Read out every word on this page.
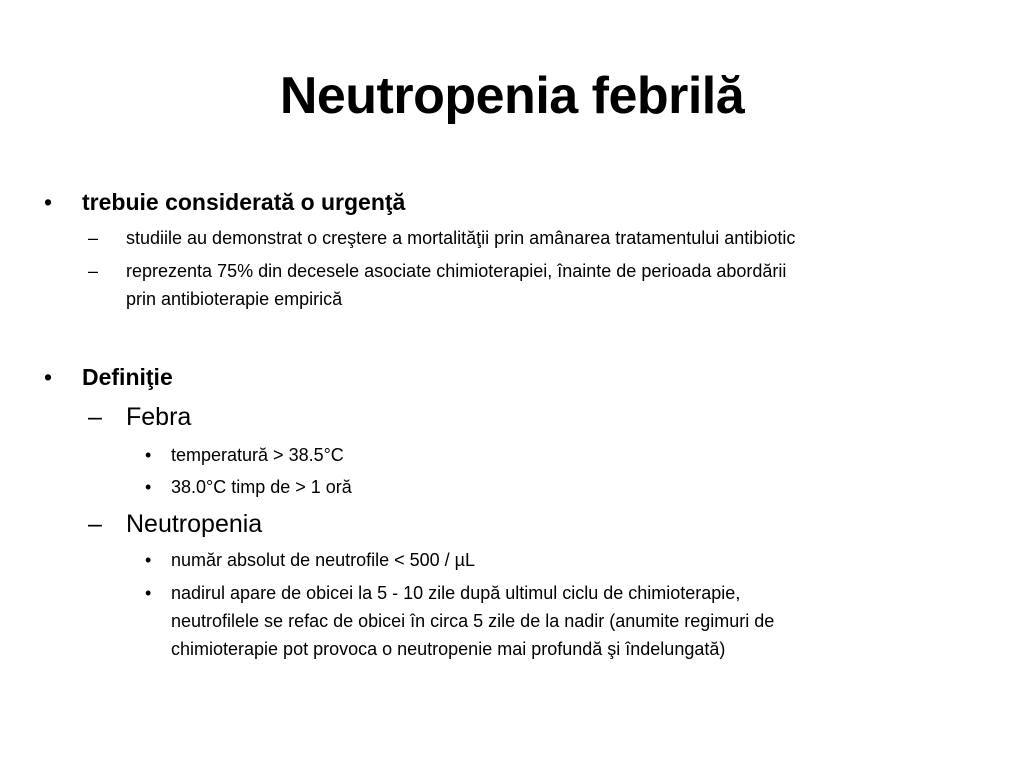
Neutropenia febrilă
• trebuie considerată o urgenţă
– studiile au demonstrat o creştere a mortalităţii prin amânarea tratamentului antibiotic
– reprezenta 75% din decesele asociate chimioterapiei, înainte de perioada abordării
prin antibioterapie empirică
• Definiţie
– Febra
• temperatură > 38.5°C
• 38.0°C timp de > 1 oră
– Neutropenia
• număr absolut de neutrofile < 500 / µL
• nadirul apare de obicei la 5 - 10 zile după ultimul ciclu de chimioterapie,
neutrofilele se refac de obicei în circa 5 zile de la nadir (anumite regimuri de
chimioterapie pot provoca o neutropenie mai profundă şi îndelungată)
